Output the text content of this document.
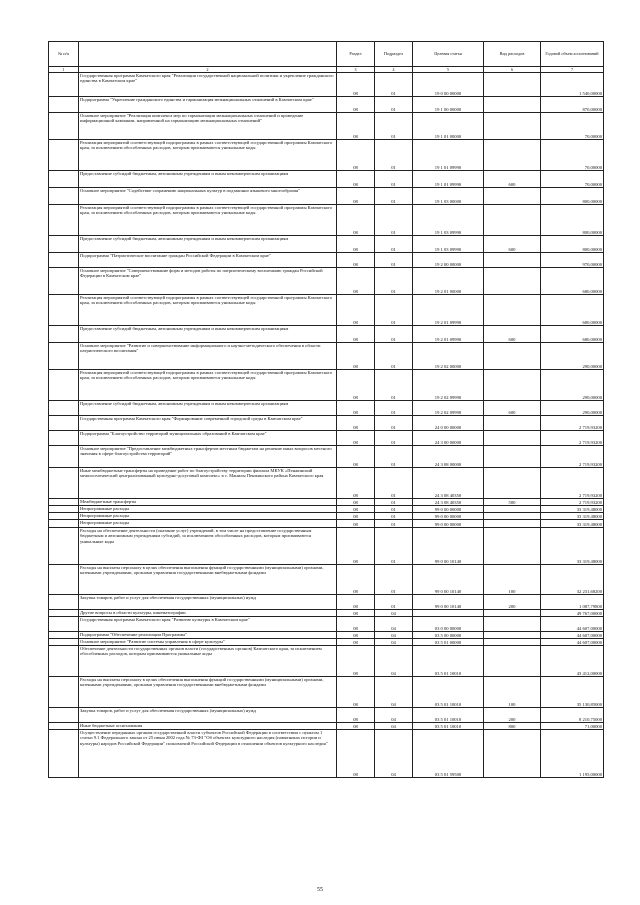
№ п/п		Раздел	Подраздел	Целевая статья	Вид расходов	Годовой объем ассигнований
1	2	3	4	5	6	7
	Государственная программа Камчатского края "Реализация государственной национальной политики и укрепление гражданского единства в Камчатском крае"	08	01	19 0 00 00000		1 540,00000
	Подпрограмма "Укрепление гражданского единства и гармонизация межнациональных отношений в Камчатском крае"	08	01	19 1 00 00000		870,00000
	Основное мероприятие "Реализация комплекса мер по гармонизации межнациональных отношений и проведение информационной кампании, направленной на гармонизацию межнациональных отношений"	08	01	19 1 01 00000		70,00000
	Реализация мероприятий соответствующей подпрограммы в рамках соответствующей государственной программы Камчатского края, за исключением обособленных расходов, которым присваиваются уникальные коды	08	01	19 1 01 09990		70,00000
	Предоставление субсидий бюджетным, автономным учреждениям и иным некоммерческим организациям	08	01	19 1 01 09990	600	70,00000
	Основное мероприятие "Содействие сохранению национальных культур в подзаконно языкового многообразия"	08	01	19 1 03 00000		800,00000
	Реализация мероприятий соответствующей подпрограммы в рамках соответствующей государственной программы Камчатского края, за исключением обособленных расходов, которым присваиваются уникальные коды	08	01	19 1 03 09990		800,00000
	Предоставление субсидий бюджетным, автономным учреждениям и иным некоммерческим организациям	08	01	19 1 03 09990	600	800,00000
	Подпрограмма "Патриотическое воспитание граждан Российской Федерации в Камчатском крае"	08	01	19 2 00 00000		970,00000
	Основное мероприятие "Совершенствование форм и методов работы по патриотическому воспитанию граждан Российской Федерации в Камчатском крае"	08	01	19 2 01 00000		680,00000
	Реализация мероприятий соответствующей подпрограммы в рамках соответствующей государственной программы Камчатского края, за исключением обособленных расходов, которым присваиваются уникальные коды	08	01	19 2 01 09990		680,00000
	Предоставление субсидий бюджетным, автономным учреждениям и иным некоммерческим организациям	08	01	19 2 01 09990	600	680,00000
	Основное мероприятие "Развитие и совершенствование информационного и научно-методического обеспечения в области патриотического воспитания"	08	01	19 2 02 00000		290,00000
	Реализация мероприятий соответствующей подпрограммы в рамках соответствующей государственной программы Камчатского края, за исключением обособленных расходов, которым присваиваются уникальные коды	08	01	19 2 02 09990		290,00000
	Предоставление субсидий бюджетным, автономным учреждениям и иным некоммерческим организациям	08	01	19 2 02 09990	600	290,00000
	Государственная программа Камчатского края "Формирование современной городской среды в Камчатском крае"	08	01	24 0 00 00000		2 719,93200
	Подпрограмма "Благоустройство территорий муниципальных образований в Камчатском крае"	08	01	24 3 00 00000		2 719,93200
	Основное мероприятие "Предоставление межбюджетных трансфертов местным бюджетам на решение иных вопросов местного значения в сфере благоустройства территорий"	08	01	24 3 08 00000		2 719,93200
	Иные межбюджетные трансферты на проведение работ по благоустройству территории филиала МКУК «Пенжинский межпоселенческий централизованный культурно-досуговый комплекс» в с. Манилы Пенжинского района Камчатского края	08	01	24 3 08 40350		2 719,93200
	Межбюджетные трансферты	08	01	24 3 08 40350	500	2 719,93200
	Непрограммные расходы	08	01	99 0 00 00000		33 319,48000
	Непрограммные расходы	08	01	99 0 00 00000		33 319,48000
	Непрограммные расходы	08	01	99 0 00 00000		33 319,48000
	Расходы на обеспечение деятельности (оказание услуг) учреждений, в том числе на предоставление государственным бюджетным и автономным учреждениям субсидий, за исключением обособленных расходов, которым присваиваются уникальные коды	08	01	99 0 00 10140		33 319,48000
	Расходы на выплаты персоналу в целях обеспечения выполнения функций государственными (муниципальными) органами, казенными учреждениями, органами управления государственными внебюджетными фондами	08	01	99 0 00 10140	100	32 231,68200
	Закупка товаров, работ и услуг для обеспечения государственных (муниципальных) нужд	08	01	99 0 00 10140	200	1 087,79800
	Другие вопросы в области культуры, кинематографии	08	04			49 767,00000
	Государственная программа Камчатского края "Развитие культуры в Камчатском крае"	08	04	03 0 00 00000		44 607,00000
	Подпрограмма "Обеспечение реализации Программы"	08	04	03 5 00 00000		44 607,00000
	Основное мероприятие "Развитие системы управления в сфере культуры"	08	04	03 5 01 00000		44 607,00000
	Обеспечение деятельности государственных органов власти (государственных органов) Камчатского края, за исключением обособленных расходов, которым присваиваются уникальные коды	08	04	03 5 01 10010		43 412,00000
	Расходы на выплаты персоналу в целях обеспечения выполнения функций государственными (муниципальными) органами, казенными учреждениями, органами управления государственными внебюджетными фондами	08	04	03 5 01 10010	100	35 130,85000
	Закупка товаров, работ и услуг для обеспечения государственных (муниципальных) нужд	08	04	03 5 01 10010	200	8 210,75000
	Иные бюджетные ассигнования	08	04	03 5 01 10010	800	71,00000
	Осуществление переданных органам государственной власти субъектов Российской Федерации в соответствии с пунктом 1 статьи 9.1 Федерального закона от 25 июня 2002 года № 73-ФЗ "Об объектах культурного наследия (памятниках истории и культуры) народов Российской Федерации" полномочий Российской Федерации в отношении объектов культурного наследия"	08	04	03 5 01 59500		1 195,00000
55
